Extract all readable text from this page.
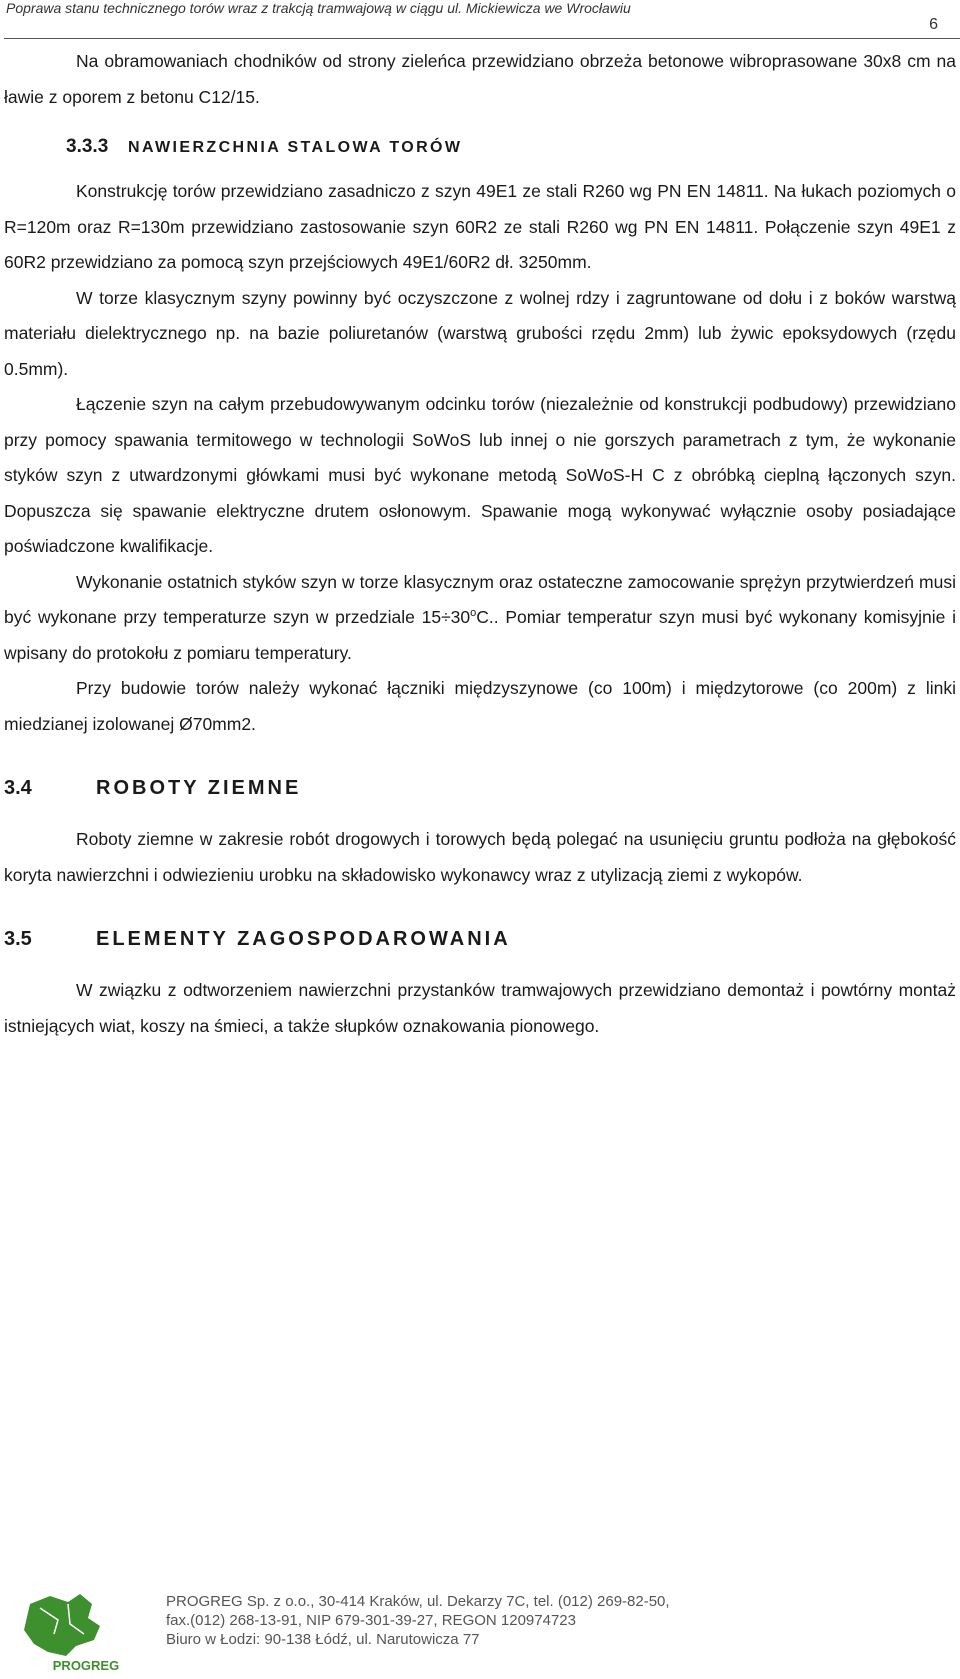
Poprawa stanu technicznego torów wraz z trakcją tramwajową w ciągu ul. Mickiewicza we Wrocławiu
6

Na obramowaniach chodników od strony zieleńca przewidziano obrzeża betonowe wibroprasowane 30x8 cm na ławie z oporem z betonu C12/15.

3.3.3 NAWIERZCHNIA STALOWA TORÓW

Konstrukcję torów przewidziano zasadniczo z szyn 49E1 ze stali R260 wg PN EN 14811. Na łukach poziomych o R=120m oraz R=130m przewidziano zastosowanie szyn 60R2 ze stali R260 wg PN EN 14811. Połączenie szyn 49E1 z 60R2 przewidziano za pomocą szyn przejściowych 49E1/60R2 dł. 3250mm.

W torze klasycznym szyny powinny być oczyszczone z wolnej rdzy i zagruntowane od dołu i z boków warstwą materiału dielektrycznego np. na bazie poliuretanów (warstwą grubości rzędu 2mm) lub żywic epoksydowych (rzędu 0.5mm).

Łączenie szyn na całym przebudowywanym odcinku torów (niezależnie od konstrukcji podbudowy) przewidziano przy pomocy spawania termitowego w technologii SoWoS lub innej o nie gorszych parametrach z tym, że wykonanie styków szyn z utwardzonymi główkami musi być wykonane metodą SoWoS-H C z obróbką cieplną łączonych szyn. Dopuszcza się spawanie elektryczne drutem osłonowym. Spawanie mogą wykonywać wyłącznie osoby posiadające poświadczone kwalifikacje.

Wykonanie ostatnich styków szyn w torze klasycznym oraz ostateczne zamocowanie sprężyn przytwierdzeń musi być wykonane przy temperaturze szyn w przedziale $15\div 30^oC$.. Pomiar temperatur szyn musi być wykonany komisyjnie i wpisany do protokołu z pomiaru temperatury.

Przy budowie torów należy wykonać łączniki międzyszynowe (co 100m) i międzytorowe (co 200m) z linki miedzianej izolowanej Ø70mm2.

3.4	ROBOTY ZIEMNE

Roboty ziemne w zakresie robót drogowych i torowych będą polegać na usunięciu gruntu podłoża na głębokość koryta nawierzchni i odwiezieniu urobku na składowisko wykonawcy wraz z utylizacją ziemi z wykopów.

3.5	ELEMENTY ZAGOSPODAROWANIA

W związku z odtworzeniem nawierzchni przystanków tramwajowych przewidziano demontaż i powtórny montaż istniejących wiat, koszy na śmieci, a także słupków oznakowania pionowego.

PROGREG
PROGREG Sp. z o.o., 30-414 Kraków, ul. Dekarzy 7C, tel. (012) 269-82-50,
fax.(012) 268-13-91, NIP 679-301-39-27, REGON 120974723
Biuro w Łodzi: 90-138 Łódź, ul. Narutowicza 77
